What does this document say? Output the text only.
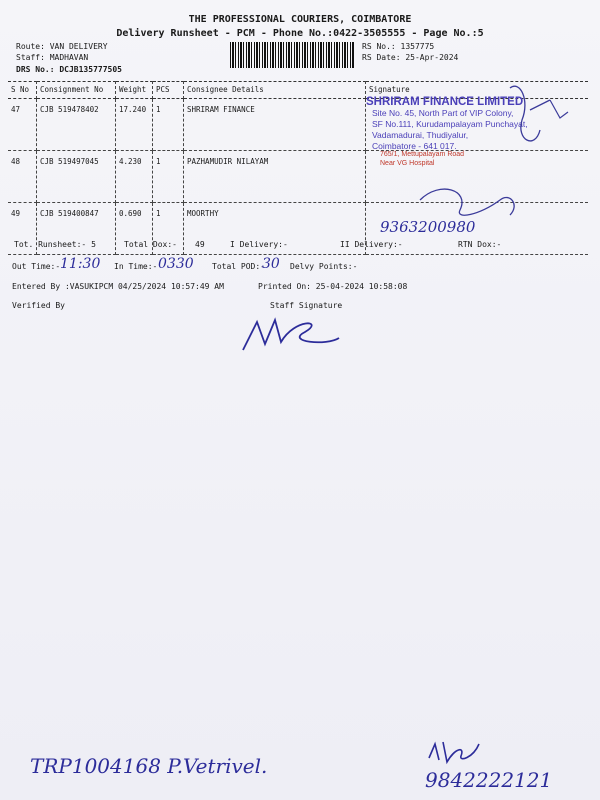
THE PROFESSIONAL COURIERS, COIMBATORE
Delivery Runsheet - PCM - Phone No.:0422-3505555 - Page No.:5
Route: VAN DELIVERY
Staff: MADHAVAN
DRS No.: DCJB135777505
RS No.: 1357775
RS Date: 25-Apr-2024
S No	Consignment No	Weight	PCS	Consignee Details	Signature
47	CJB 519478402	17.240	1	SHRIRAM FINANCE	
48	CJB 519497045	4.230	1	PAZHAMUDIR NILAYAM	
49	CJB 519400847	0.690	1	MOORTHY	
SHRIRAM FINANCE LIMITED
Site No. 45, North Part of VIP Colony,
SF No.111, Kurudampalayam Punchayat,
Vadamadurai, Thudiyalur,
Coimbatore - 641 017.
765/1, Mettupalayam Road
Near VG Hospital
9363200980
Tot. Runsheet:- 5	Total Dox:- 49	I Delivery:-	II Delivery:-	RTN Dox:-
Out Time:- 11:30 In Time:- 0330 Total POD:-
30 Delvy Points:-
Entered By :VASUKIPCM 04/25/2024 10:57:49 AM	Printed On: 25-04-2024 10:58:08
Verified By	Staff Signature
TRP1004168 P.Vetrivel.
9842222121
